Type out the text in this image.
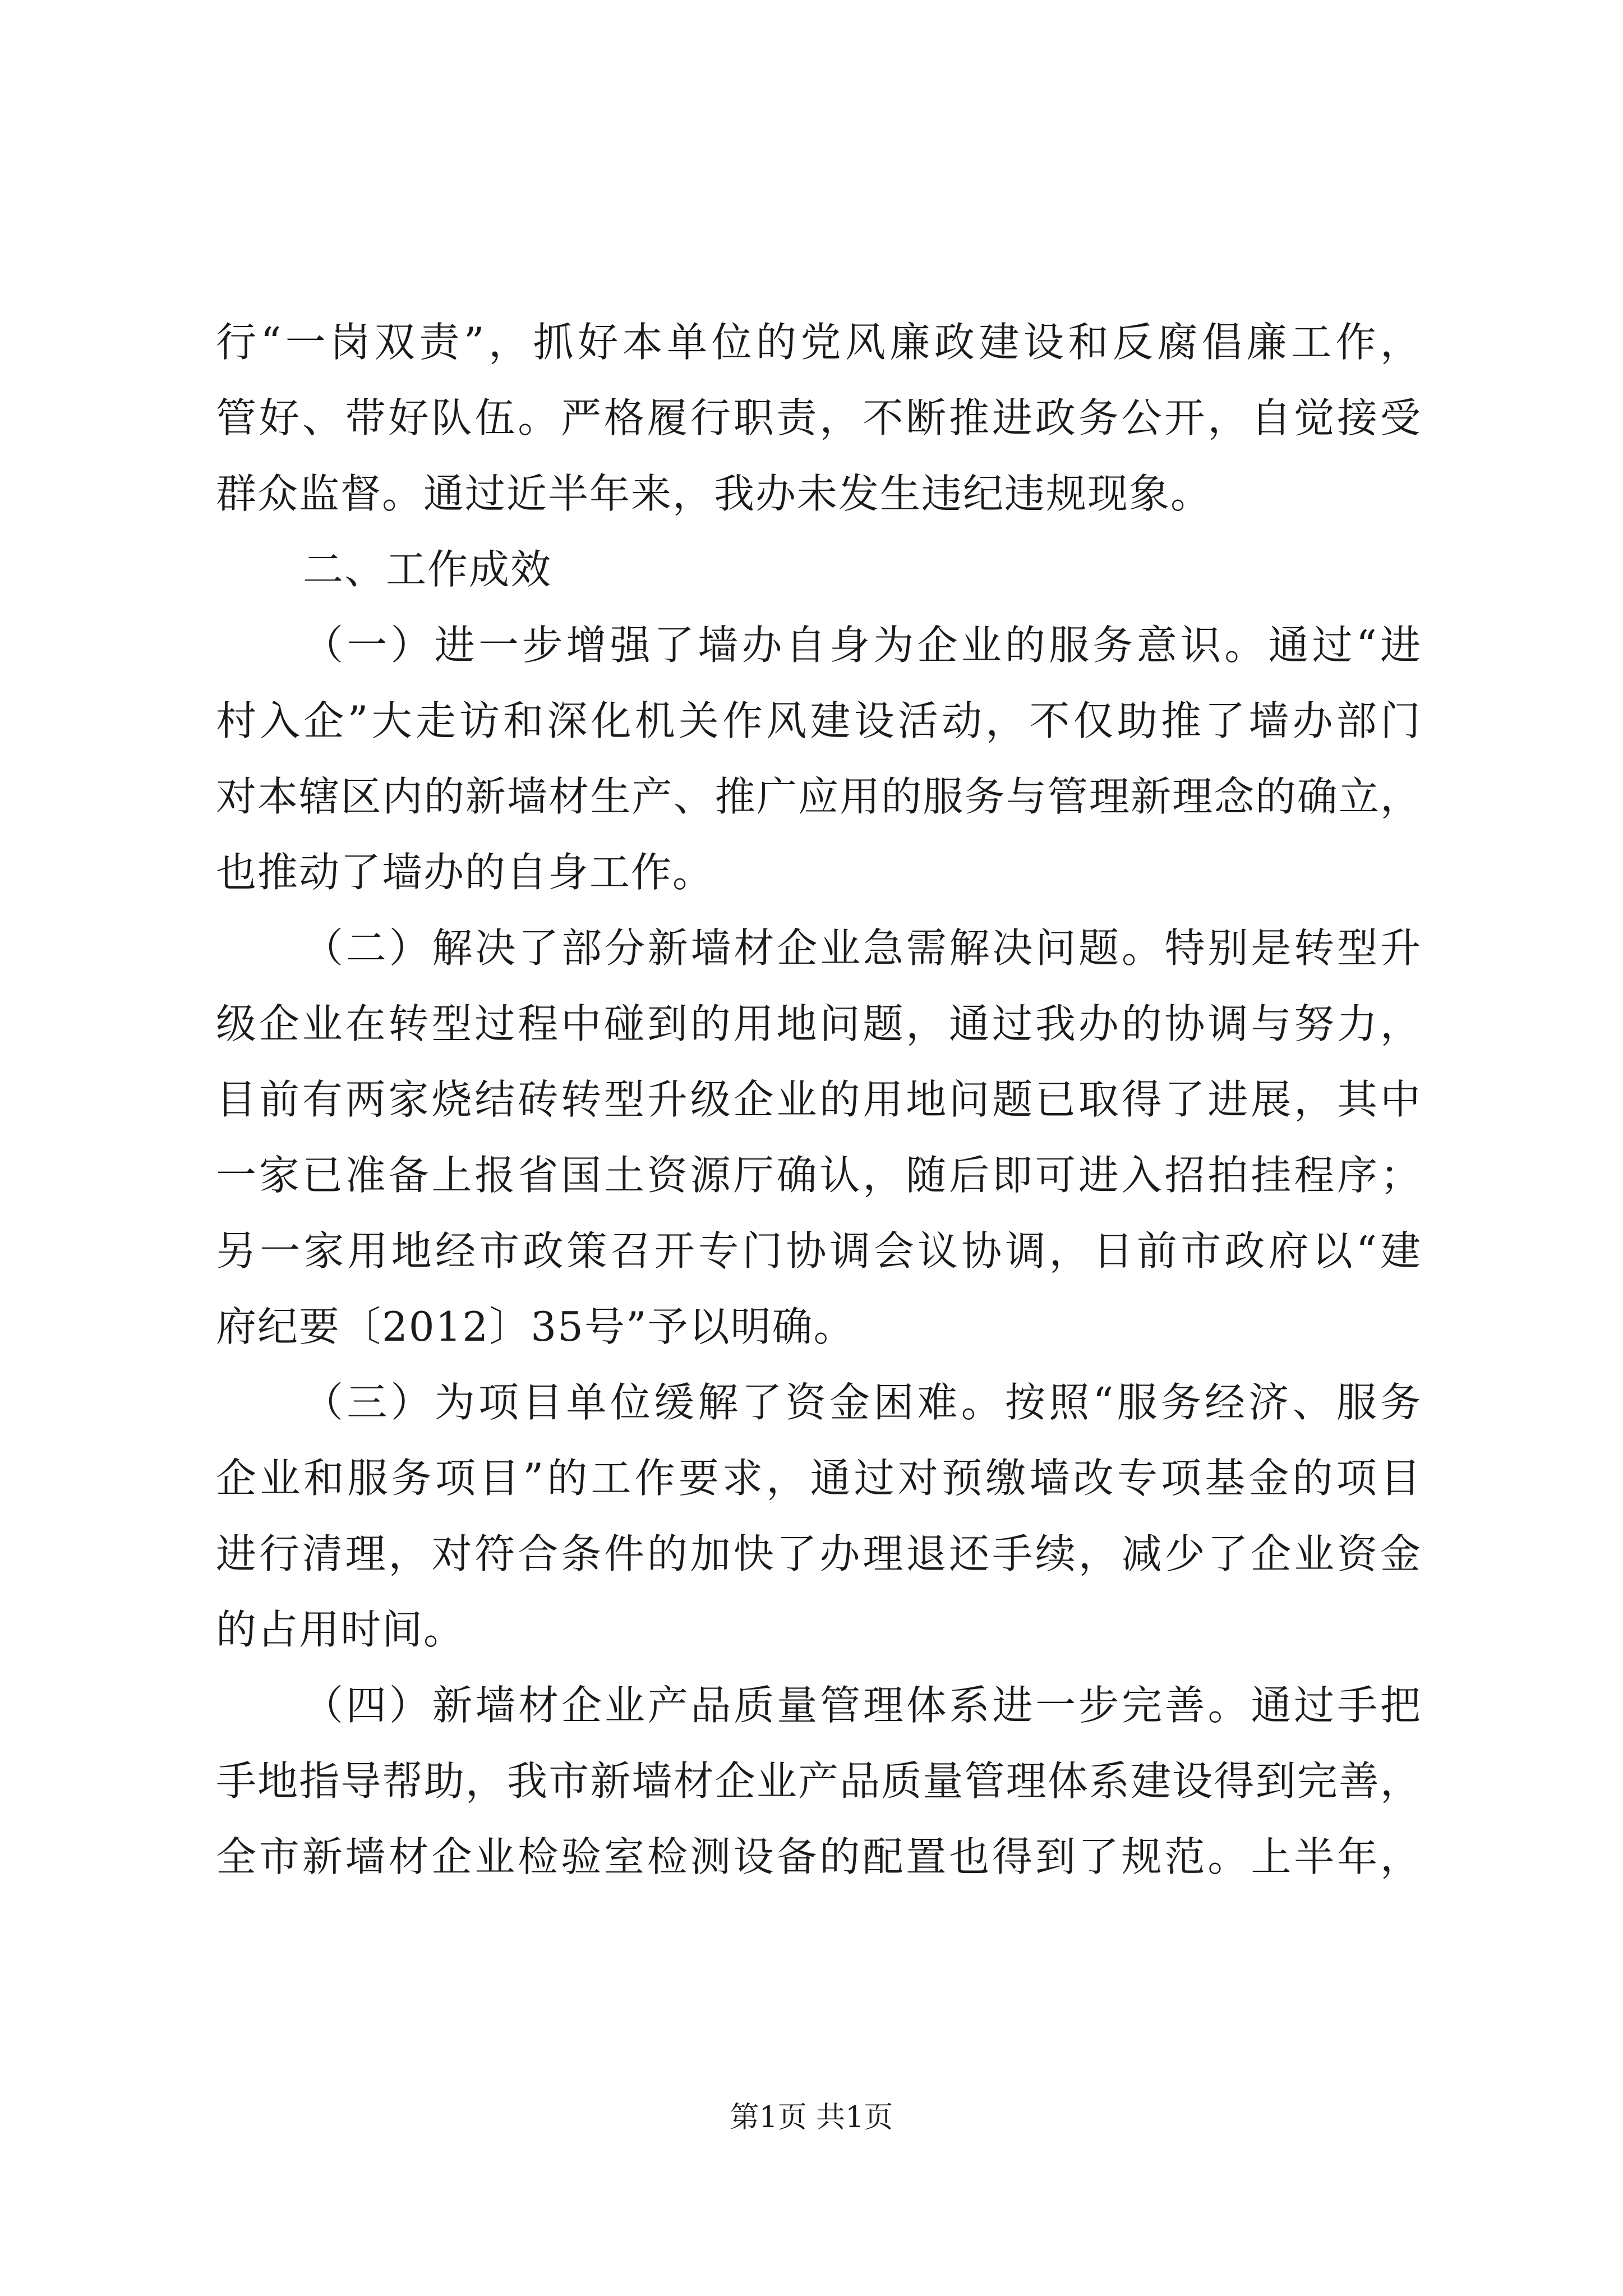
行“一岗双责”，抓好本单位的党风廉政建设和反腐倡廉工作，
管好、带好队伍。严格履行职责，不断推进政务公开，自觉接受
群众监督。通过近半年来，我办未发生违纪违规现象。
二、工作成效
（一）进一步增强了墙办自身为企业的服务意识。通过“进
村入企”大走访和深化机关作风建设活动，不仅助推了墙办部门
对本辖区内的新墙材生产、推广应用的服务与管理新理念的确立，
也推动了墙办的自身工作。
（二）解决了部分新墙材企业急需解决问题。特别是转型升
级企业在转型过程中碰到的用地问题，通过我办的协调与努力，
目前有两家烧结砖转型升级企业的用地问题已取得了进展，其中
一家已准备上报省国土资源厅确认，随后即可进入招拍挂程序；
另一家用地经市政策召开专门协调会议协调，日前市政府以“建
府纪要〔2012〕35号”予以明确。
（三）为项目单位缓解了资金困难。按照“服务经济、服务
企业和服务项目”的工作要求，通过对预缴墙改专项基金的项目
进行清理，对符合条件的加快了办理退还手续，减少了企业资金
的占用时间。
（四）新墙材企业产品质量管理体系进一步完善。通过手把
手地指导帮助，我市新墙材企业产品质量管理体系建设得到完善，
全市新墙材企业检验室检测设备的配置也得到了规范。上半年，
第1页 共1页
